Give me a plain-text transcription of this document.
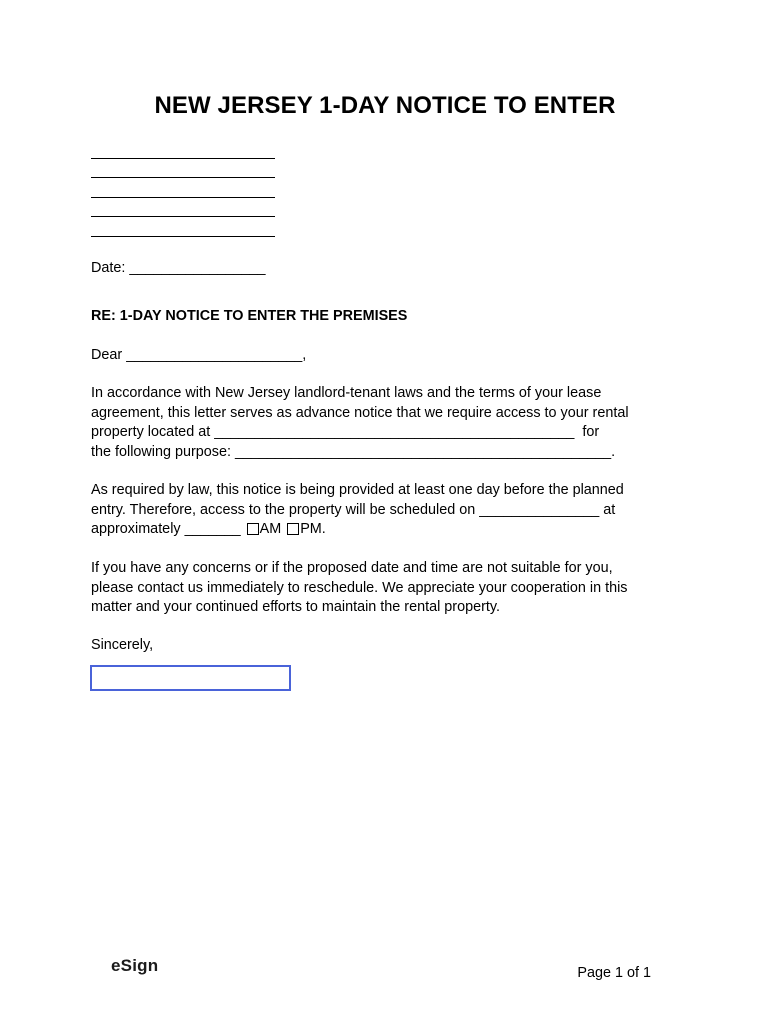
NEW JERSEY 1-DAY NOTICE TO ENTER
Date: _________________
RE: 1-DAY NOTICE TO ENTER THE PREMISES
Dear ______________________,
In accordance with New Jersey landlord-tenant laws and the terms of your lease
agreement, this letter serves as advance notice that we require access to your rental
property located at _____________________________________________  for
the following purpose: _______________________________________________.
As required by law, this notice is being provided at least one day before the planned
entry. Therefore, access to the property will be scheduled on _______________ at
approximately _______ AM PM.
If you have any concerns or if the proposed date and time are not suitable for you,
please contact us immediately to reschedule. We appreciate your cooperation in this
matter and your continued efforts to maintain the rental property.
Sincerely,
eSign	Page 1 of 1
